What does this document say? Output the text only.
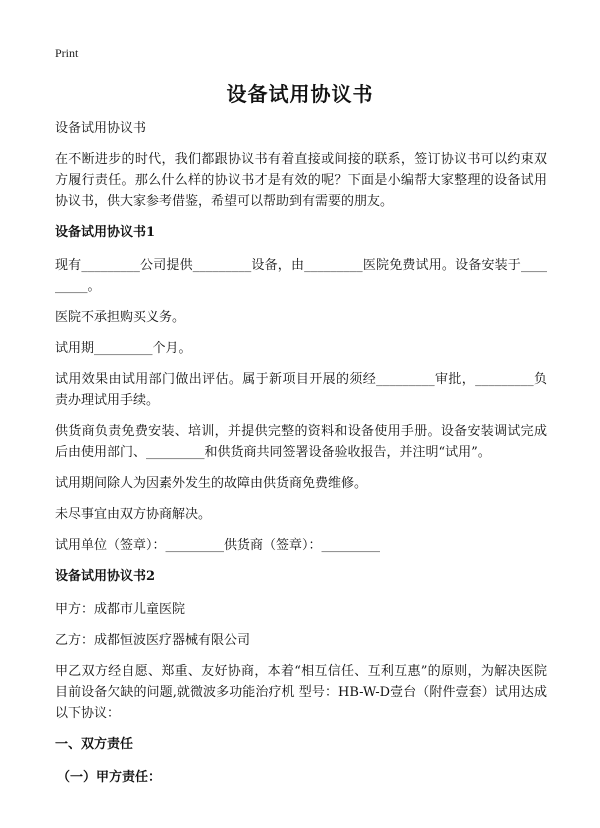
Print
设备试用协议书

设备试用协议书

在不断进步的时代，我们都跟协议书有着直接或间接的联系，签订协议书可以约束双方履行责任。那么什么样的协议书才是有效的呢？下面是小编帮大家整理的设备试用协议书，供大家参考借鉴，希望可以帮助到有需要的朋友。

设备试用协议书1

现有_________公司提供_________设备，由_________医院免费试用。设备安装于_________。

医院不承担购买义务。

试用期_________个月。

试用效果由试用部门做出评估。属于新项目开展的须经_________审批，_________负责办理试用手续。

供货商负责免费安装、培训，并提供完整的资料和设备使用手册。设备安装调试完成后由使用部门、_________和供货商共同签署设备验收报告，并注明“试用”。

试用期间除人为因素外发生的故障由供货商免费维修。

未尽事宜由双方协商解决。

试用单位（签章）：_________供货商（签章）：_________

设备试用协议书2

甲方：成都市儿童医院

乙方：成都恒波医疗器械有限公司

甲乙双方经自愿、郑重、友好协商，本着“相互信任、互利互惠”的原则，为解决医院目前设备欠缺的问题,就微波多功能治疗机 型号：HB-W-D壹台（附件壹套）试用达成以下协议：

一、双方责任

（一）甲方责任：
